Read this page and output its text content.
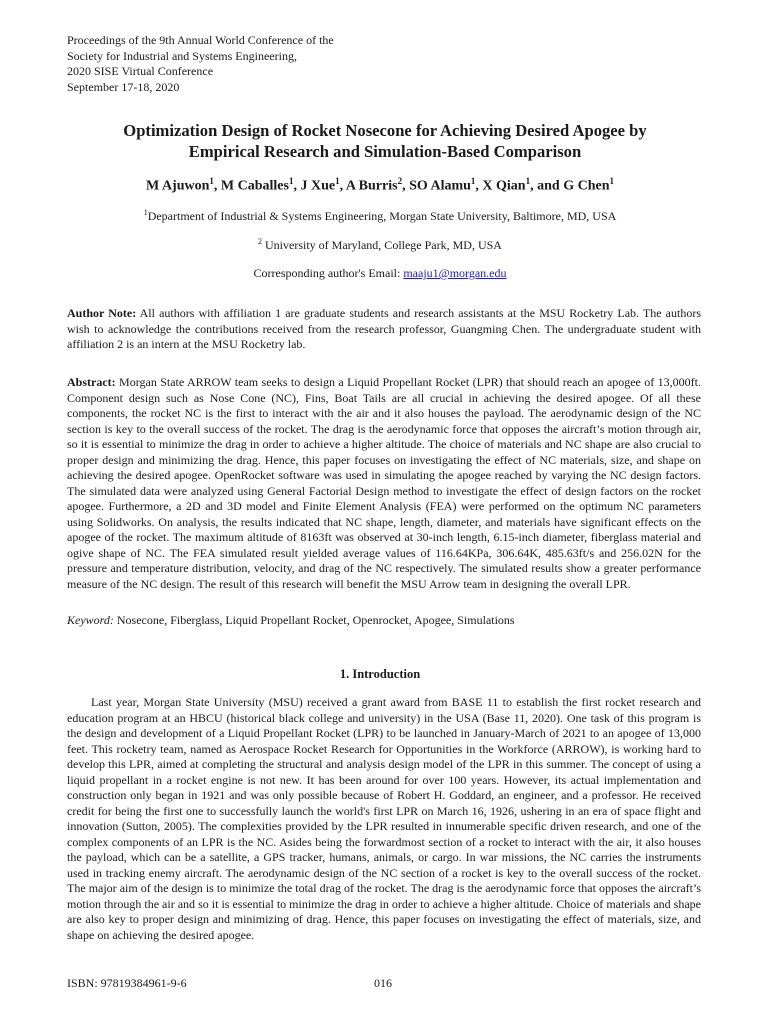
Proceedings of the 9th Annual World Conference of the
Society for Industrial and Systems Engineering,
2020 SISE Virtual Conference
September 17-18, 2020
Optimization Design of Rocket Nosecone for Achieving Desired Apogee by
Empirical Research and Simulation-Based Comparison
M Ajuwon$^1$, M Caballes$^1$, J Xue$^1$, A Burris$^2$, SO Alamu$^1$, X Qian$^1$, and G Chen$^1$
$^1$Department of Industrial & Systems Engineering, Morgan State University, Baltimore, MD, USA
$^2$ University of Maryland, College Park, MD, USA
Corresponding author's Email: maaju1@morgan.edu
Author Note: All authors with affiliation 1 are graduate students and research assistants at the MSU Rocketry Lab. The authors wish to acknowledge the contributions received from the research professor, Guangming Chen. The undergraduate student with affiliation 2 is an intern at the MSU Rocketry lab.
Abstract: Morgan State ARROW team seeks to design a Liquid Propellant Rocket (LPR) that should reach an apogee of 13,000ft. Component design such as Nose Cone (NC), Fins, Boat Tails are all crucial in achieving the desired apogee. Of all these components, the rocket NC is the first to interact with the air and it also houses the payload. The aerodynamic design of the NC section is key to the overall success of the rocket. The drag is the aerodynamic force that opposes the aircraft’s motion through air, so it is essential to minimize the drag in order to achieve a higher altitude. The choice of materials and NC shape are also crucial to proper design and minimizing the drag. Hence, this paper focuses on investigating the effect of NC materials, size, and shape on achieving the desired apogee. OpenRocket software was used in simulating the apogee reached by varying the NC design factors. The simulated data were analyzed using General Factorial Design method to investigate the effect of design factors on the rocket apogee. Furthermore, a 2D and 3D model and Finite Element Analysis (FEA) were performed on the optimum NC parameters using Solidworks. On analysis, the results indicated that NC shape, length, diameter, and materials have significant effects on the apogee of the rocket. The maximum altitude of 8163ft was observed at 30-inch length, 6.15-inch diameter, fiberglass material and ogive shape of NC. The FEA simulated result yielded average values of 116.64KPa, 306.64K, 485.63ft/s and 256.02N for the pressure and temperature distribution, velocity, and drag of the NC respectively. The simulated results show a greater performance measure of the NC design. The result of this research will benefit the MSU Arrow team in designing the overall LPR.
Keyword: Nosecone, Fiberglass, Liquid Propellant Rocket, Openrocket, Apogee, Simulations
1. Introduction
Last year, Morgan State University (MSU) received a grant award from BASE 11 to establish the first rocket research and education program at an HBCU (historical black college and university) in the USA (Base 11, 2020). One task of this program is the design and development of a Liquid Propellant Rocket (LPR) to be launched in January-March of 2021 to an apogee of 13,000 feet. This rocketry team, named as Aerospace Rocket Research for Opportunities in the Workforce (ARROW), is working hard to develop this LPR, aimed at completing the structural and analysis design model of the LPR in this summer. The concept of using a liquid propellant in a rocket engine is not new. It has been around for over 100 years. However, its actual implementation and construction only began in 1921 and was only possible because of Robert H. Goddard, an engineer, and a professor. He received credit for being the first one to successfully launch the world's first LPR on March 16, 1926, ushering in an era of space flight and innovation (Sutton, 2005). The complexities provided by the LPR resulted in innumerable specific driven research, and one of the complex components of an LPR is the NC. Asides being the forwardmost section of a rocket to interact with the air, it also houses the payload, which can be a satellite, a GPS tracker, humans, animals, or cargo. In war missions, the NC carries the instruments used in tracking enemy aircraft. The aerodynamic design of the NC section of a rocket is key to the overall success of the rocket. The major aim of the design is to minimize the total drag of the rocket. The drag is the aerodynamic force that opposes the aircraft’s motion through the air and so it is essential to minimize the drag in order to achieve a higher altitude. Choice of materials and shape are also key to proper design and minimizing of drag. Hence, this paper focuses on investigating the effect of materials, size, and shape on achieving the desired apogee.
ISBN: 97819384961-9-6	016
